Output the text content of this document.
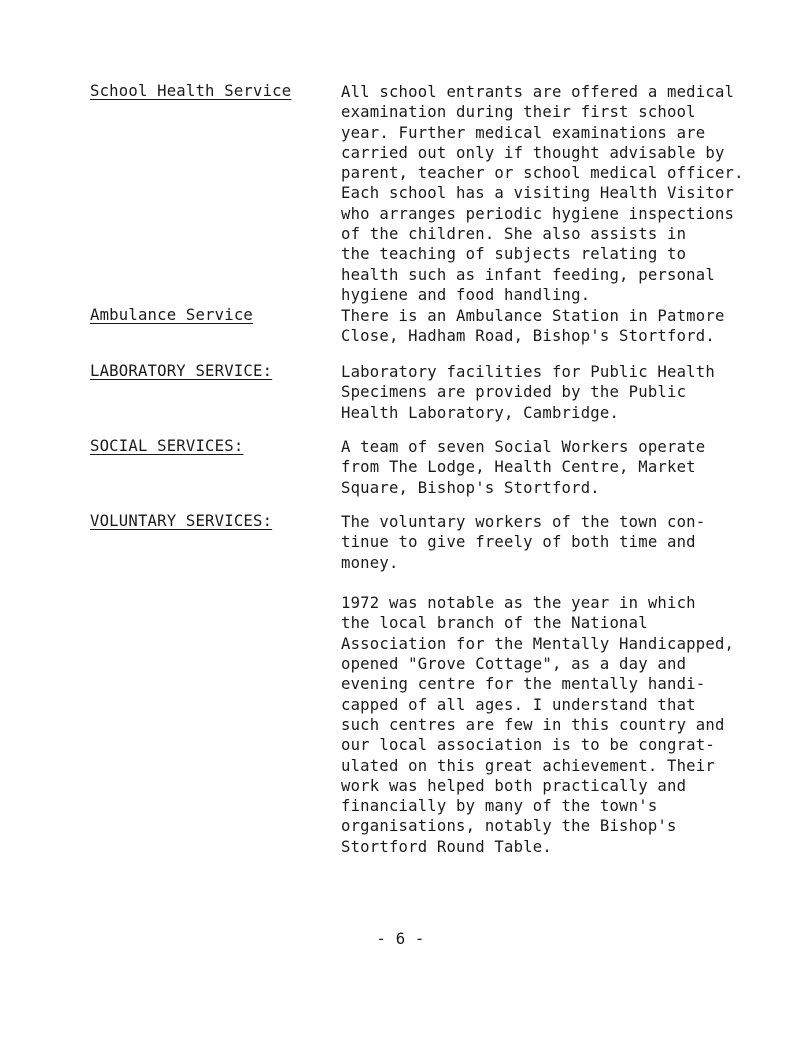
School Health Service	All school entrants are offered a medical
examination during their first school
year. Further medical examinations are
carried out only if thought advisable by
parent, teacher or school medical officer.
Each school has a visiting Health Visitor
who arranges periodic hygiene inspections
of the children. She also assists in
the teaching of subjects relating to
health such as infant feeding, personal
hygiene and food handling.
Ambulance Service	There is an Ambulance Station in Patmore
Close, Hadham Road, Bishop's Stortford.
LABORATORY SERVICE:	Laboratory facilities for Public Health
Specimens are provided by the Public
Health Laboratory, Cambridge.
SOCIAL SERVICES:	A team of seven Social Workers operate
from The Lodge, Health Centre, Market
Square, Bishop's Stortford.
VOLUNTARY SERVICES:	The voluntary workers of the town con-
tinue to give freely of both time and
money.
1972 was notable as the year in which
the local branch of the National
Association for the Mentally Handicapped,
opened "Grove Cottage", as a day and
evening centre for the mentally handi-
capped of all ages. I understand that
such centres are few in this country and
our local association is to be congrat-
ulated on this great achievement. Their
work was helped both practically and
financially by many of the town's
organisations, notably the Bishop's
Stortford Round Table.

- 6 -
